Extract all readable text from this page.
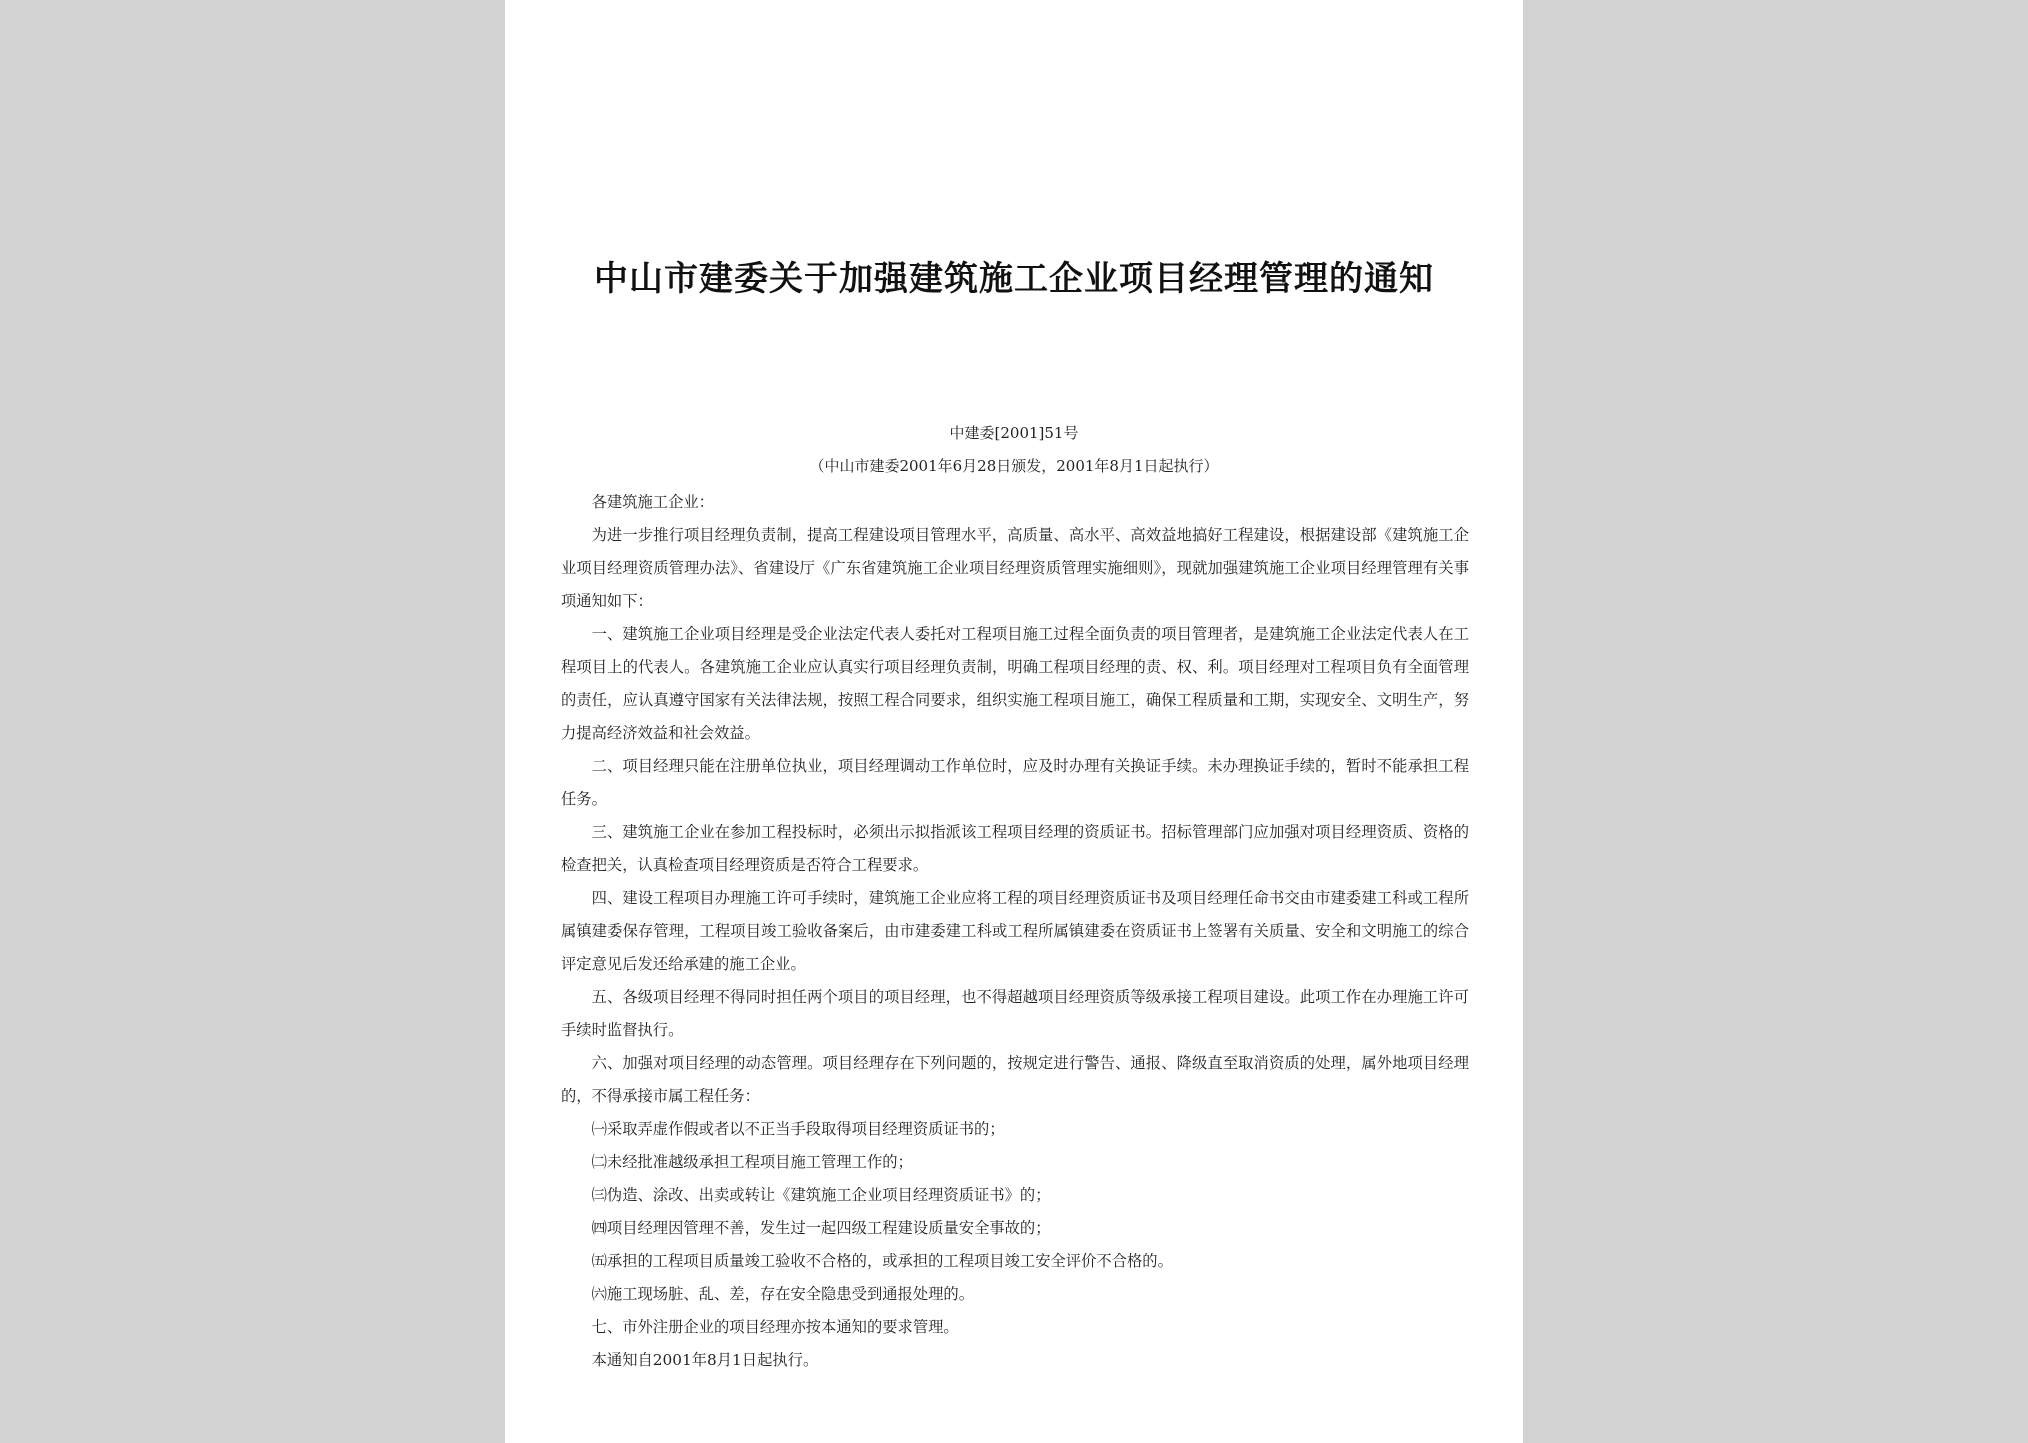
中山市建委关于加强建筑施工企业项目经理管理的通知
中建委[2001]51号
（中山市建委2001年6月28日颁发，2001年8月1日起执行）

各建筑施工企业：

为进一步推行项目经理负责制，提高工程建设项目管理水平，高质量、高水平、高效益地搞好工程建设，根据建设部《建筑施工企业项目经理资质管理办法》、省建设厅《广东省建筑施工企业项目经理资质管理实施细则》，现就加强建筑施工企业项目经理管理有关事项通知如下：

一、建筑施工企业项目经理是受企业法定代表人委托对工程项目施工过程全面负责的项目管理者，是建筑施工企业法定代表人在工程项目上的代表人。各建筑施工企业应认真实行项目经理负责制，明确工程项目经理的责、权、利。项目经理对工程项目负有全面管理的责任，应认真遵守国家有关法律法规，按照工程合同要求，组织实施工程项目施工，确保工程质量和工期，实现安全、文明生产，努力提高经济效益和社会效益。

二、项目经理只能在注册单位执业，项目经理调动工作单位时，应及时办理有关换证手续。未办理换证手续的，暂时不能承担工程任务。

三、建筑施工企业在参加工程投标时，必须出示拟指派该工程项目经理的资质证书。招标管理部门应加强对项目经理资质、资格的检查把关，认真检查项目经理资质是否符合工程要求。

四、建设工程项目办理施工许可手续时，建筑施工企业应将工程的项目经理资质证书及项目经理任命书交由市建委建工科或工程所属镇建委保存管理，工程项目竣工验收备案后，由市建委建工科或工程所属镇建委在资质证书上签署有关质量、安全和文明施工的综合评定意见后发还给承建的施工企业。

五、各级项目经理不得同时担任两个项目的项目经理，也不得超越项目经理资质等级承接工程项目建设。此项工作在办理施工许可手续时监督执行。

六、加强对项目经理的动态管理。项目经理存在下列问题的，按规定进行警告、通报、降级直至取消资质的处理，属外地项目经理的，不得承接市属工程任务：

㈠采取弄虚作假或者以不正当手段取得项目经理资质证书的；

㈡未经批准越级承担工程项目施工管理工作的；

㈢伪造、涂改、出卖或转让《建筑施工企业项目经理资质证书》的；

㈣项目经理因管理不善，发生过一起四级工程建设质量安全事故的；

㈤承担的工程项目质量竣工验收不合格的，或承担的工程项目竣工安全评价不合格的。

㈥施工现场脏、乱、差，存在安全隐患受到通报处理的。

七、市外注册企业的项目经理亦按本通知的要求管理。

本通知自2001年8月1日起执行。
